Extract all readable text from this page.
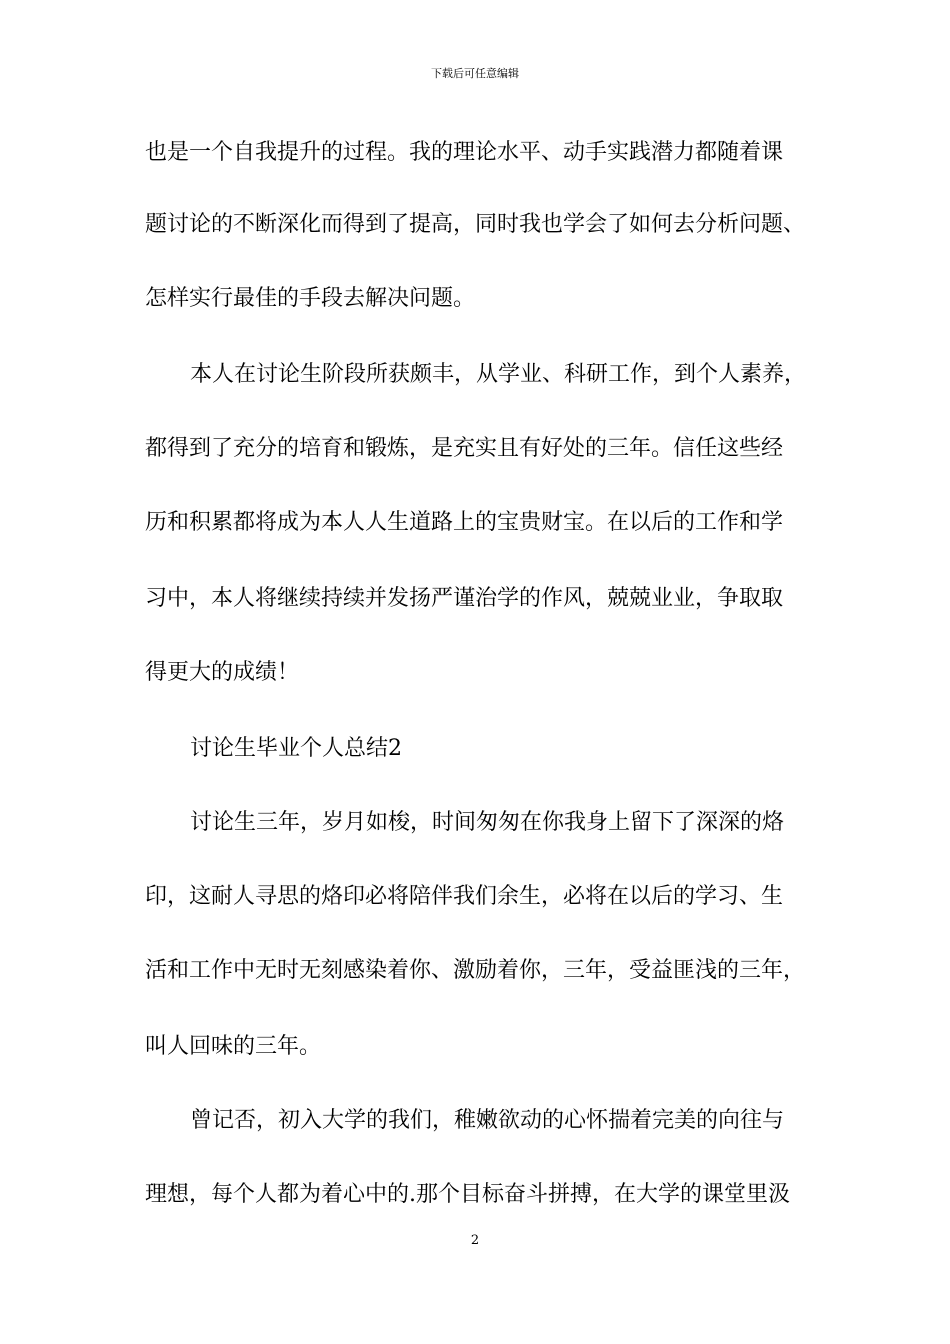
下载后可任意编辑
也是一个自我提升的过程。我的理论水平、动手实践潜力都随着课
题讨论的不断深化而得到了提高，同时我也学会了如何去分析问题、
怎样实行最佳的手段去解决问题。
本人在讨论生阶段所获颇丰，从学业、科研工作，到个人素养，
都得到了充分的培育和锻炼，是充实且有好处的三年。信任这些经
历和积累都将成为本人人生道路上的宝贵财宝。在以后的工作和学
习中，本人将继续持续并发扬严谨治学的作风，兢兢业业，争取取
得更大的成绩！
讨论生毕业个人总结2
讨论生三年，岁月如梭，时间匆匆在你我身上留下了深深的烙
印，这耐人寻思的烙印必将陪伴我们余生，必将在以后的学习、生
活和工作中无时无刻感染着你、激励着你，三年，受益匪浅的三年，
叫人回味的三年。
曾记否，初入大学的我们，稚嫩欲动的心怀揣着完美的向往与
理想，每个人都为着心中的.那个目标奋斗拼搏，在大学的课堂里汲
2
